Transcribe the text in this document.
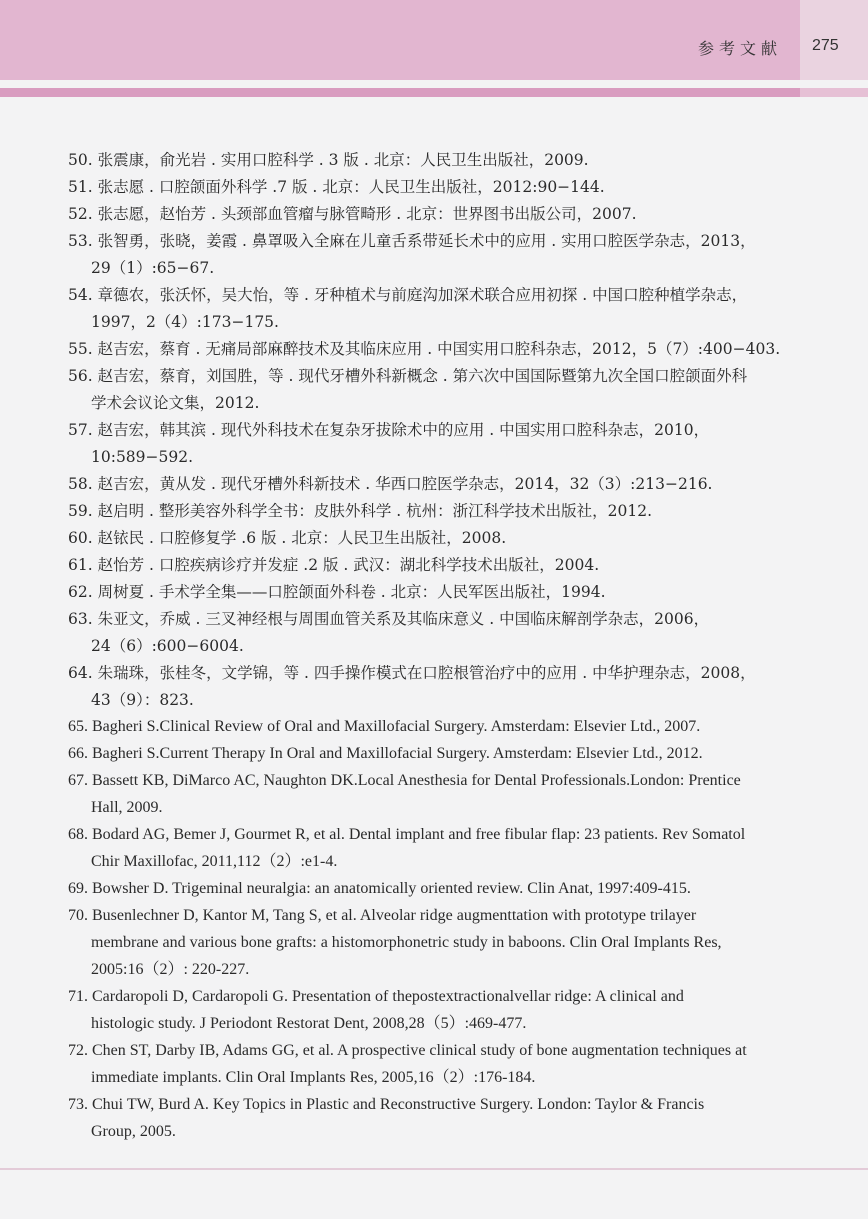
参考文献 275
50. 张震康，俞光岩 . 实用口腔科学 . 3 版 . 北京：人民卫生出版社，2009.
51. 张志愿 . 口腔颌面外科学 .7 版 . 北京：人民卫生出版社，2012:90−144.
52. 张志愿，赵怡芳 . 头颈部血管瘤与脉管畸形 . 北京：世界图书出版公司，2007.
53. 张智勇，张晓，姜霞 . 鼻罩吸入全麻在儿童舌系带延长术中的应用 . 实用口腔医学杂志，2013，
29（1）:65−67.
54. 章德农，张沃怀，吴大怡，等 . 牙种植术与前庭沟加深术联合应用初探 . 中国口腔种植学杂志，
1997，2（4）:173−175.
55. 赵吉宏，蔡育 . 无痛局部麻醉技术及其临床应用 . 中国实用口腔科杂志，2012，5（7）:400−403.
56. 赵吉宏，蔡育，刘国胜，等 . 现代牙槽外科新概念 . 第六次中国国际暨第九次全国口腔颌面外科
学术会议论文集，2012.
57. 赵吉宏，韩其滨 . 现代外科技术在复杂牙拔除术中的应用 . 中国实用口腔科杂志，2010，
10:589−592.
58. 赵吉宏，黄从发 . 现代牙槽外科新技术 . 华西口腔医学杂志，2014，32（3）:213−216.
59. 赵启明 . 整形美容外科学全书：皮肤外科学 . 杭州：浙江科学技术出版社，2012.
60. 赵铱民 . 口腔修复学 .6 版 . 北京：人民卫生出版社，2008.
61. 赵怡芳 . 口腔疾病诊疗并发症 .2 版 . 武汉：湖北科学技术出版社，2004.
62. 周树夏 . 手术学全集——口腔颌面外科卷 . 北京：人民军医出版社，1994.
63. 朱亚文，乔威 . 三叉神经根与周围血管关系及其临床意义 . 中国临床解剖学杂志，2006，
24（6）:600−6004.
64. 朱瑞珠，张桂冬，文学锦，等 . 四手操作模式在口腔根管治疗中的应用 . 中华护理杂志，2008，
43（9）：823.
65. Bagheri S.Clinical Review of Oral and Maxillofacial Surgery. Amsterdam: Elsevier Ltd., 2007.
66. Bagheri S.Current Therapy In Oral and Maxillofacial Surgery. Amsterdam: Elsevier Ltd., 2012.
67. Bassett KB, DiMarco AC, Naughton DK.Local Anesthesia for Dental Professionals.London: Prentice
Hall, 2009.
68. Bodard AG, Bemer J, Gourmet R, et al. Dental implant and free fibular flap: 23 patients. Rev Somatol
Chir Maxillofac, 2011,112（2）:e1-4.
69. Bowsher D. Trigeminal neuralgia: an anatomically oriented review. Clin Anat, 1997:409-415.
70. Busenlechner D, Kantor M, Tang S, et al. Alveolar ridge augmenttation with prototype trilayer
membrane and various bone grafts: a histomorphonetric study in baboons. Clin Oral Implants Res,
2005:16（2）: 220-227.
71. Cardaropoli D, Cardaropoli G. Presentation of thepostextractionalvellar ridge: A clinical and
histologic study. J Periodont Restorat Dent, 2008,28（5）:469-477.
72. Chen ST, Darby IB, Adams GG, et al. A prospective clinical study of bone augmentation techniques at
immediate implants. Clin Oral Implants Res, 2005,16（2）:176-184.
73. Chui TW, Burd A. Key Topics in Plastic and Reconstructive Surgery. London: Taylor & Francis
Group, 2005.
